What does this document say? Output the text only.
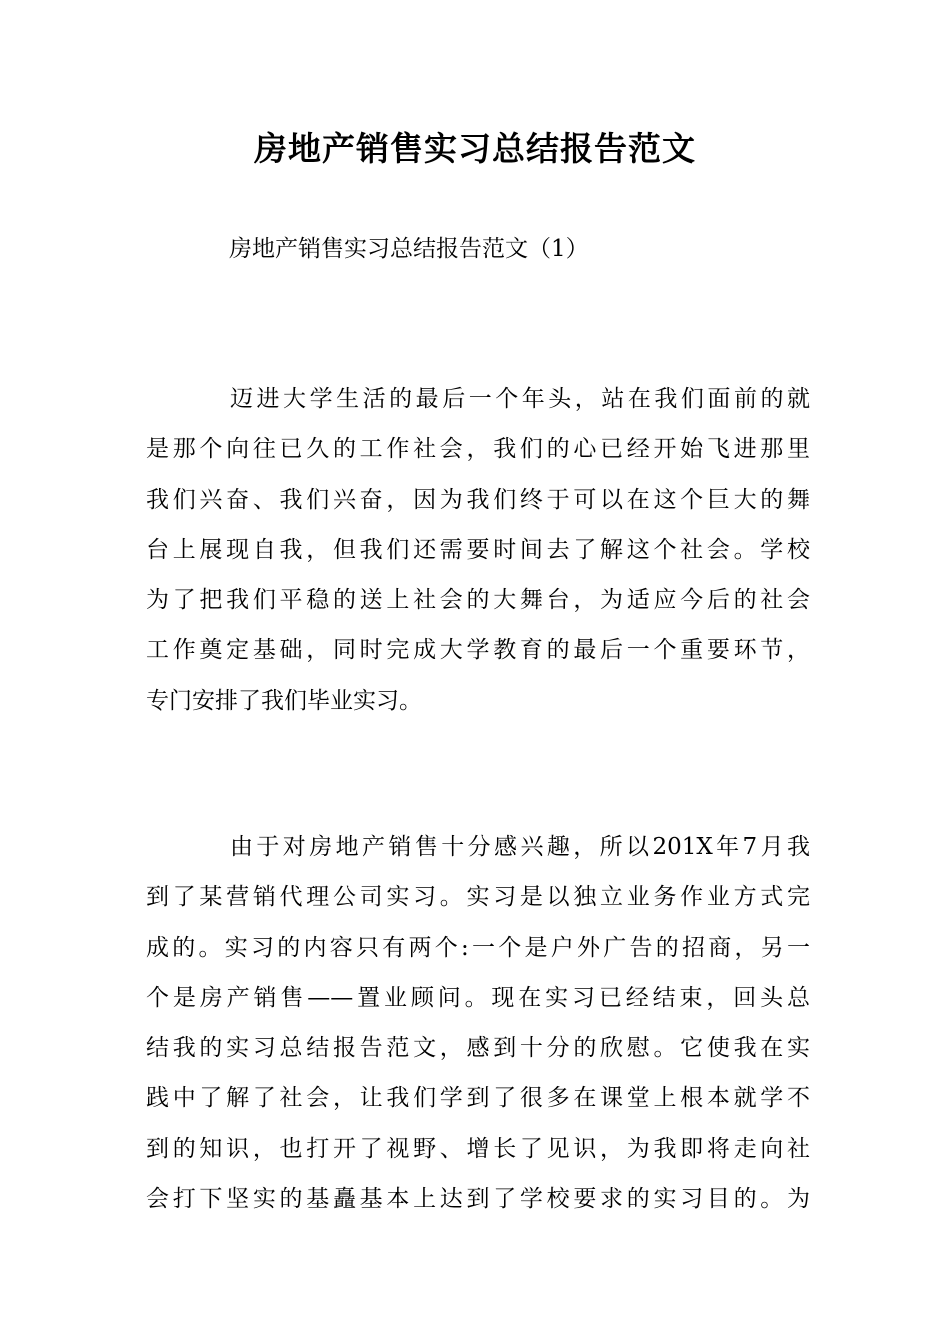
房地产销售实习总结报告范文
房地产销售实习总结报告范文（1）
迈进大学生活的最后一个年头，站在我们面前的就
是那个向往已久的工作社会，我们的心已经开始飞进那里
我们兴奋、我们兴奋，因为我们终于可以在这个巨大的舞
台上展现自我，但我们还需要时间去了解这个社会。学校
为了把我们平稳的送上社会的大舞台，为适应今后的社会
工作奠定基础，同时完成大学教育的最后一个重要环节，
专门安排了我们毕业实习。
由于对房地产销售十分感兴趣，所以201X年7月我
到了某营销代理公司实习。实习是以独立业务作业方式完
成的。实习的内容只有两个:一个是户外广告的招商，另一
个是房产销售——置业顾问。现在实习已经结束，回头总
结我的实习总结报告范文，感到十分的欣慰。它使我在实
践中了解了社会，让我们学到了很多在课堂上根本就学不
到的知识，也打开了视野、增长了见识，为我即将走向社
会打下坚实的基矗基本上达到了学校要求的实习目的。为
